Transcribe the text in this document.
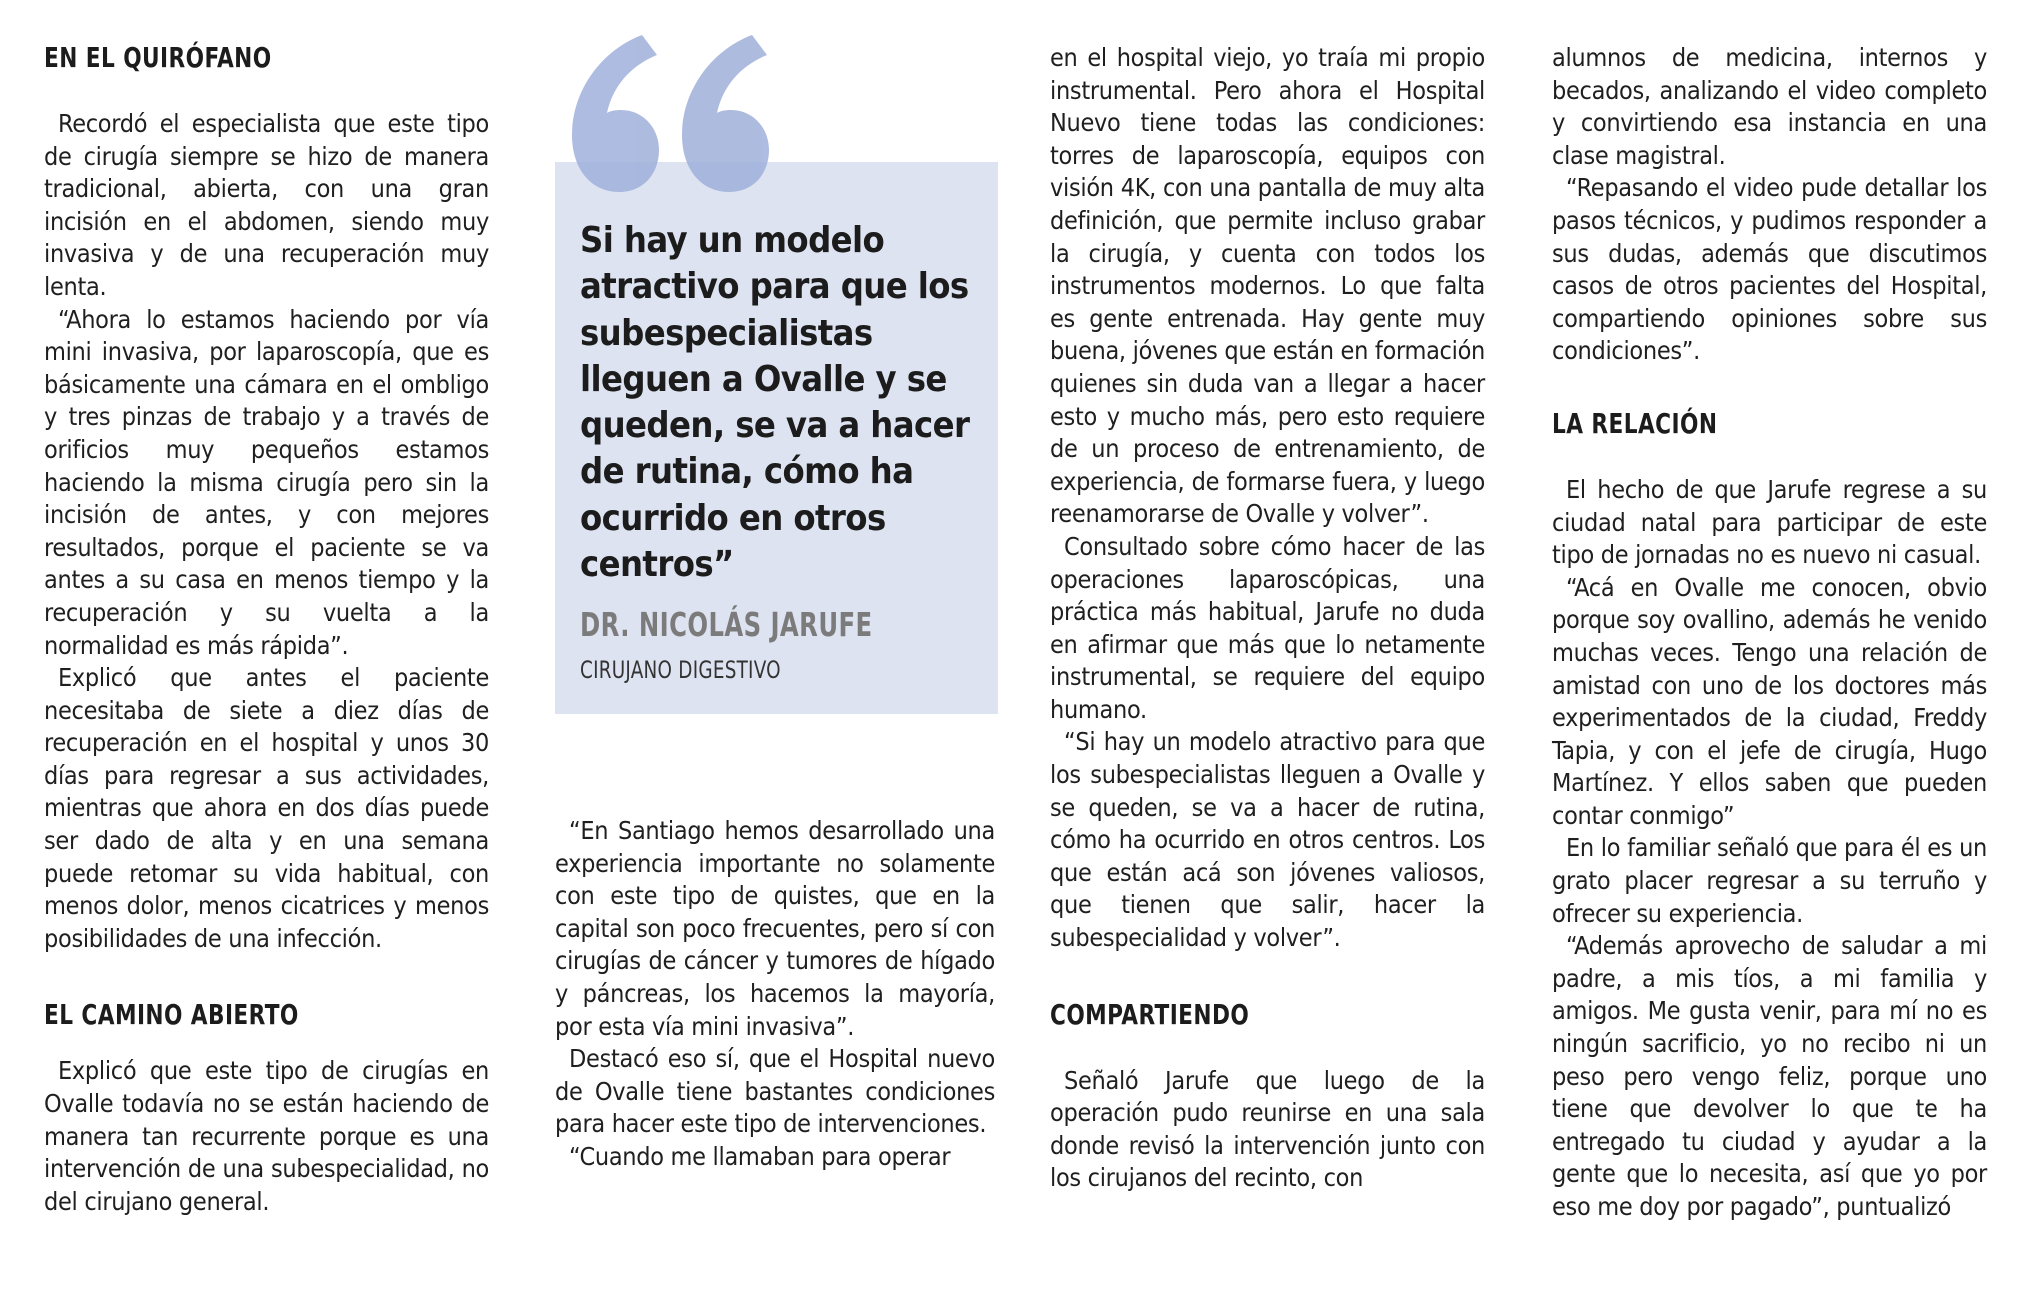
EN EL QUIRÓFANO

Recordó el especialista que este tipo de cirugía siempre se hizo de manera tradicional, abierta, con una gran incisión en el abdomen, siendo muy invasiva y de una recuperación muy lenta.

“Ahora lo estamos haciendo por vía mini invasiva, por laparoscopía, que es básicamente una cámara en el ombligo y tres pinzas de trabajo y a través de orificios muy pequeños estamos haciendo la misma cirugía pero sin la incisión de antes, y con mejores resultados, porque el paciente se va antes a su casa en menos tiempo y la recuperación y su vuelta a la normalidad es más rápida”.

Explicó que antes el paciente necesitaba de siete a diez días de recuperación en el hospital y unos 30 días para regresar a sus actividades, mientras que ahora en dos días puede ser dado de alta y en una semana puede retomar su vida habitual, con menos dolor, menos cicatrices y menos posibilidades de una infección.

EL CAMINO ABIERTO

Explicó que este tipo de cirugías en Ovalle todavía no se están haciendo de manera tan recurrente porque es una intervención de una subespecialidad, no del cirujano general.

Si hay un modelo atractivo para que los subespecialistas lleguen a Ovalle y se queden, se va a hacer de rutina, cómo ha ocurrido en otros centros”

DR. NICOLÁS JARUFE

CIRUJANO DIGESTIVO

“En Santiago hemos desarrollado una experiencia importante no solamente con este tipo de quistes, que en la capital son poco frecuentes, pero sí con cirugías de cáncer y tumores de hígado y páncreas, los hacemos la mayoría, por esta vía mini invasiva”.

Destacó eso sí, que el Hospital nuevo de Ovalle tiene bastantes condiciones para hacer este tipo de intervenciones.

“Cuando me llamaban para operar

en el hospital viejo, yo traía mi propio instrumental. Pero ahora el Hospital Nuevo tiene todas las condiciones: torres de laparoscopía, equipos con visión 4K, con una pantalla de muy alta definición, que permite incluso grabar la cirugía, y cuenta con todos los instrumentos modernos. Lo que falta es gente entrenada. Hay gente muy buena, jóvenes que están en formación quienes sin duda van a llegar a hacer esto y mucho más, pero esto requiere de un proceso de entrenamiento, de experiencia, de formarse fuera, y luego reenamorarse de Ovalle y volver”.

Consultado sobre cómo hacer de las operaciones laparoscópicas, una práctica más habitual, Jarufe no duda en afirmar que más que lo netamente instrumental, se requiere del equipo humano.

“Si hay un modelo atractivo para que los subespecialistas lleguen a Ovalle y se queden, se va a hacer de rutina, cómo ha ocurrido en otros centros. Los que están acá son jóvenes valiosos, que tienen que salir, hacer la subespecialidad y volver”.

COMPARTIENDO

Señaló Jarufe que luego de la operación pudo reunirse en una sala donde revisó la intervención junto con los cirujanos del recinto, con

alumnos de medicina, internos y becados, analizando el video completo y convirtiendo esa instancia en una clase magistral.

“Repasando el video pude detallar los pasos técnicos, y pudimos responder a sus dudas, además que discutimos casos de otros pacientes del Hospital, compartiendo opiniones sobre sus condiciones”.

LA RELACIÓN

El hecho de que Jarufe regrese a su ciudad natal para participar de este tipo de jornadas no es nuevo ni casual.

“Acá en Ovalle me conocen, obvio porque soy ovallino, además he venido muchas veces. Tengo una relación de amistad con uno de los doctores más experimentados de la ciudad, Freddy Tapia, y con el jefe de cirugía, Hugo Martínez. Y ellos saben que pueden contar conmigo”

En lo familiar señaló que para él es un grato placer regresar a su terruño y ofrecer su experiencia.

“Además aprovecho de saludar a mi padre, a mis tíos, a mi familia y amigos. Me gusta venir, para mí no es ningún sacrificio, yo no recibo ni un peso pero vengo feliz, porque uno tiene que devolver lo que te ha entregado tu ciudad y ayudar a la gente que lo necesita, así que yo por eso me doy por pagado”, puntualizó
